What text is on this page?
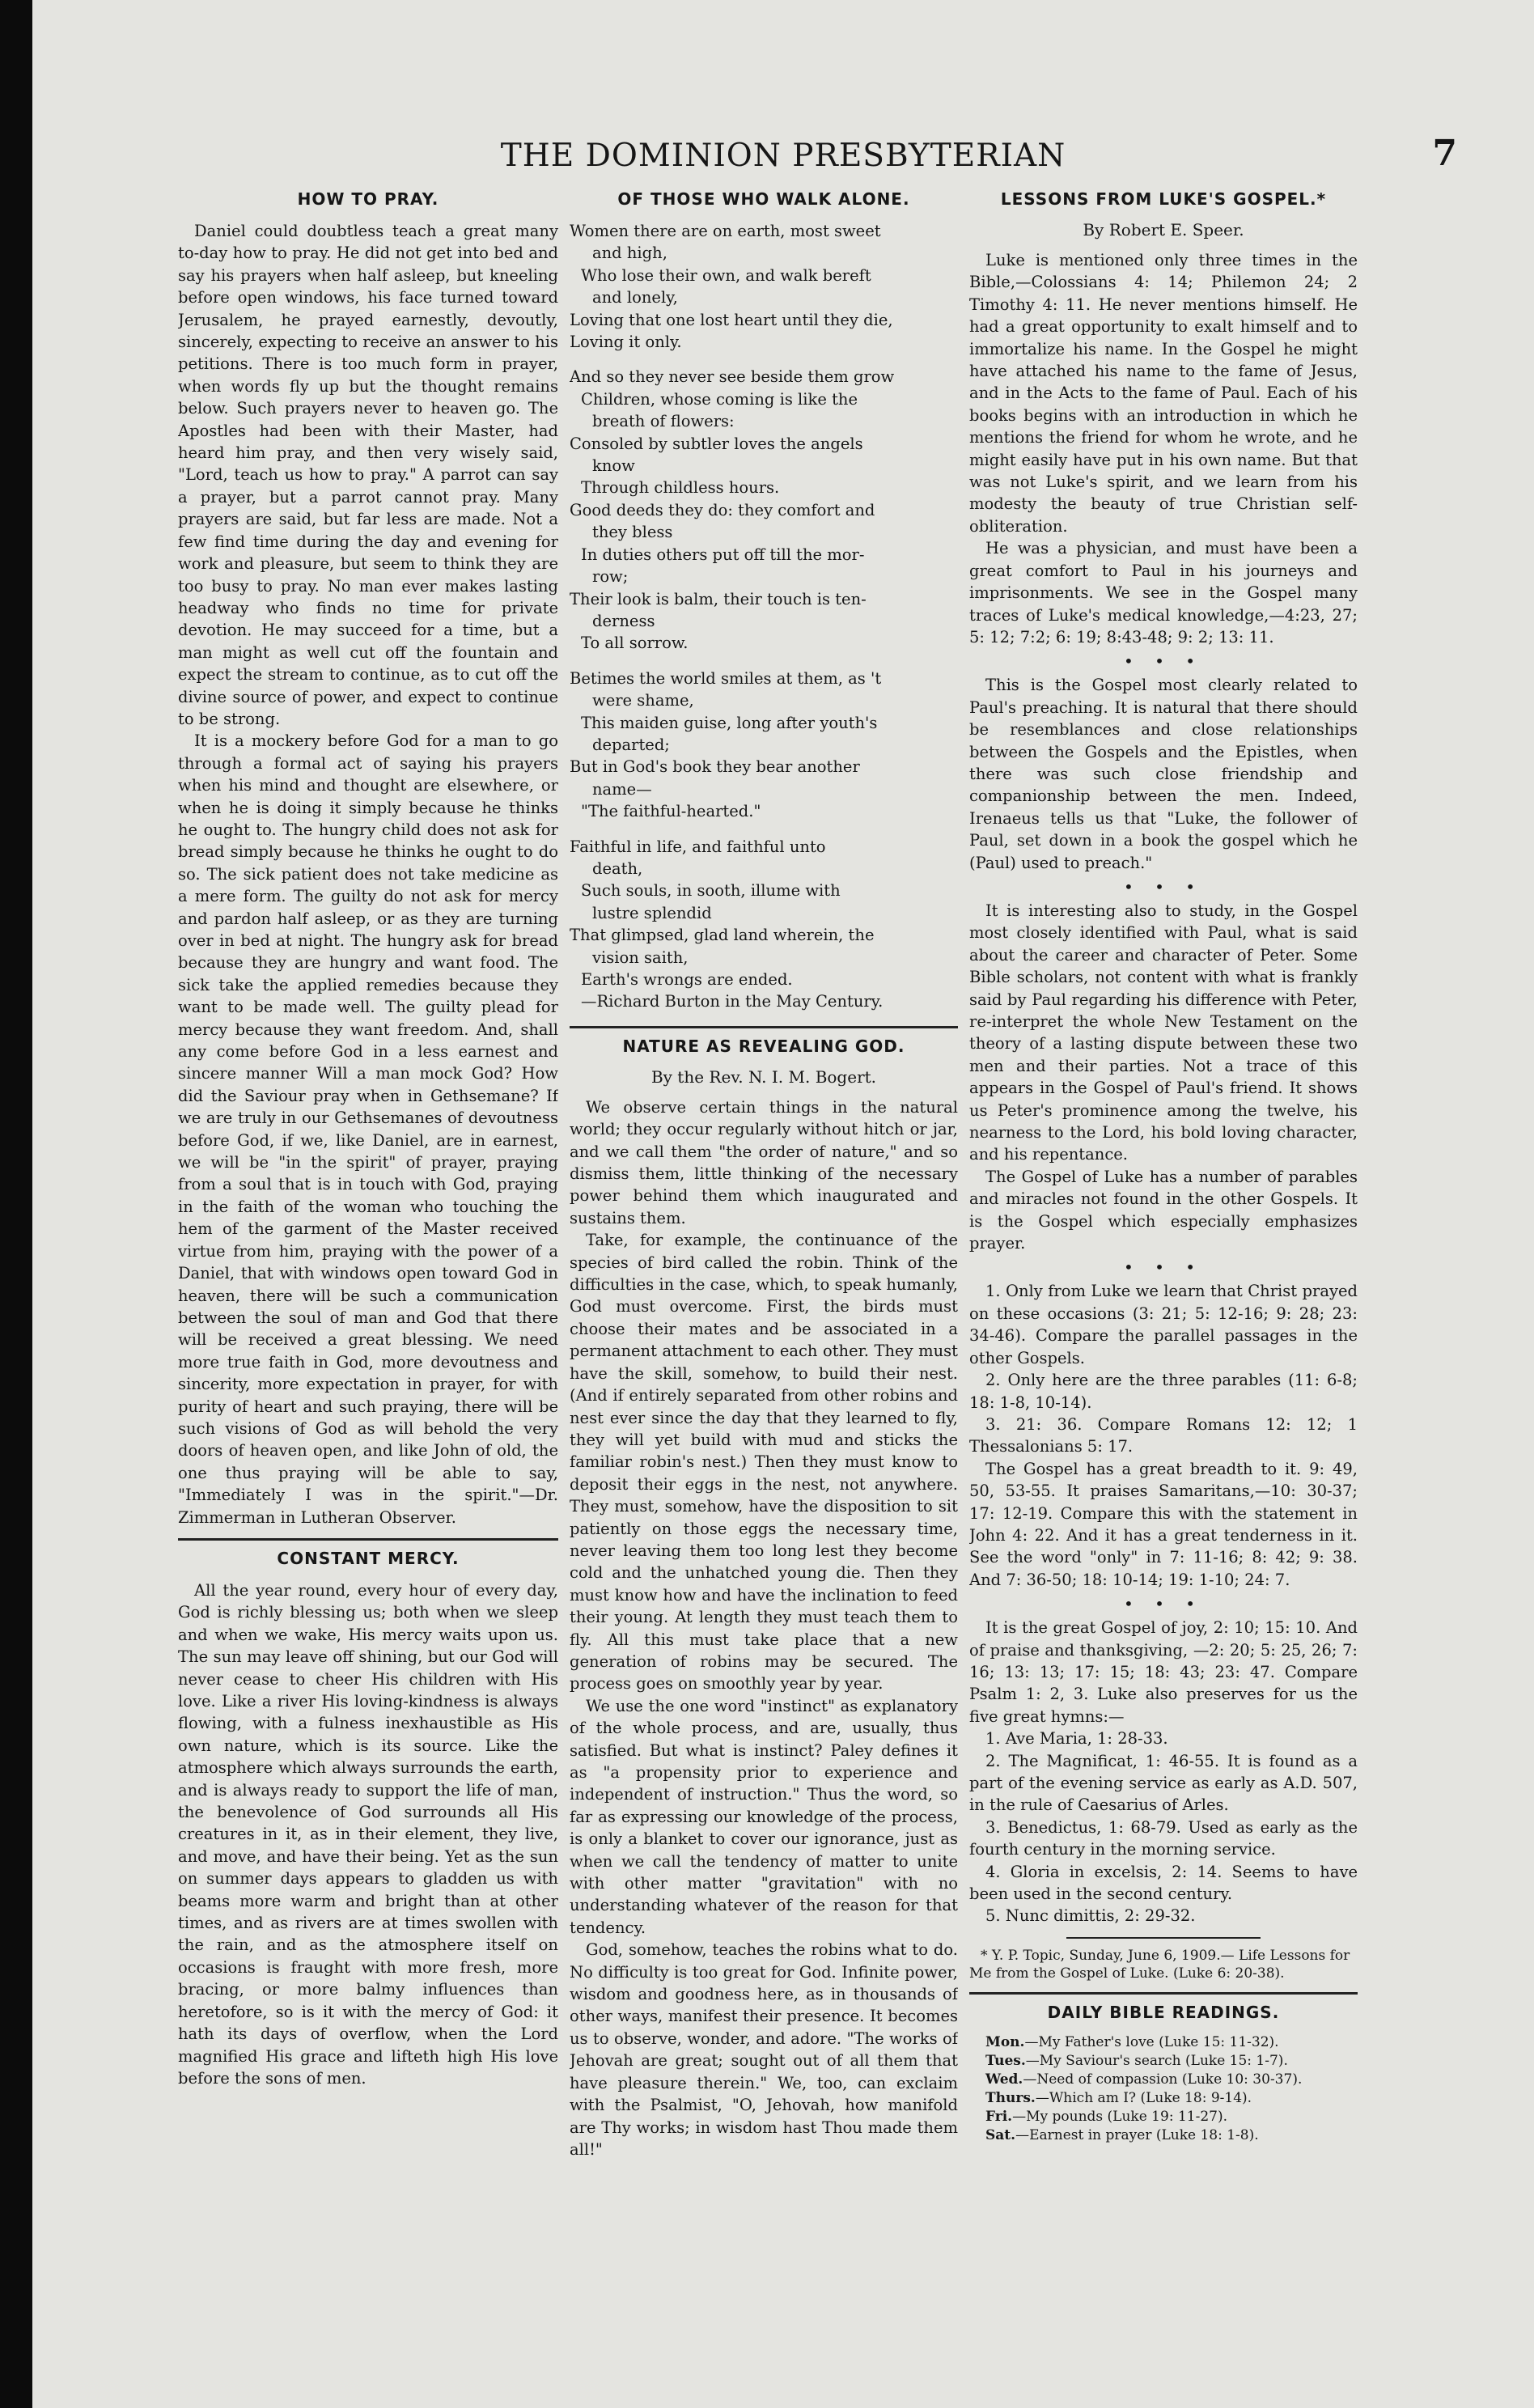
THE DOMINION PRESBYTERIAN	7
HOW TO PRAY.

Daniel could doubtless teach a great many to-day how to pray. He did not get into bed and say his prayers when half asleep, but kneeling before open windows, his face turned toward Jerusalem, he prayed earnestly, devoutly, sincerely, expecting to receive an answer to his petitions. There is too much form in prayer, when words fly up but the thought remains below. Such prayers never to heaven go. The Apostles had been with their Master, had heard him pray, and then very wisely said, "Lord, teach us how to pray." A parrot can say a prayer, but a parrot cannot pray. Many prayers are said, but far less are made. Not a few find time during the day and evening for work and pleasure, but seem to think they are too busy to pray. No man ever makes lasting headway who finds no time for private devotion. He may succeed for a time, but a man might as well cut off the fountain and expect the stream to continue, as to cut off the divine source of power, and expect to continue to be strong.

It is a mockery before God for a man to go through a formal act of saying his prayers when his mind and thought are elsewhere, or when he is doing it simply because he thinks he ought to. The hungry child does not ask for bread simply because he thinks he ought to do so. The sick patient does not take medicine as a mere form. The guilty do not ask for mercy and pardon half asleep, or as they are turning over in bed at night. The hungry ask for bread because they are hungry and want food. The sick take the applied remedies because they want to be made well. The guilty plead for mercy because they want freedom. And, shall any come before God in a less earnest and sincere manner Will a man mock God? How did the Saviour pray when in Gethsemane? If we are truly in our Gethsemanes of devoutness before God, if we, like Daniel, are in earnest, we will be "in the spirit" of prayer, praying from a soul that is in touch with God, praying in the faith of the woman who touching the hem of the garment of the Master received virtue from him, praying with the power of a Daniel, that with windows open toward God in heaven, there will be such a communication between the soul of man and God that there will be received a great blessing. We need more true faith in God, more devoutness and sincerity, more expectation in prayer, for with purity of heart and such praying, there will be such visions of God as will behold the very doors of heaven open, and like John of old, the one thus praying will be able to say, "Immediately I was in the spirit."—Dr. Zimmerman in Lutheran Observer.

CONSTANT MERCY.

All the year round, every hour of every day, God is richly blessing us; both when we sleep and when we wake, His mercy waits upon us. The sun may leave off shining, but our God will never cease to cheer His children with His love. Like a river His loving-kindness is always flowing, with a fulness inexhaustible as His own nature, which is its source. Like the atmosphere which always surrounds the earth, and is always ready to support the life of man, the benevolence of God surrounds all His creatures in it, as in their element, they live, and move, and have their being. Yet as the sun on summer days appears to gladden us with beams more warm and bright than at other times, and as rivers are at times swollen with the rain, and as the atmosphere itself on occasions is fraught with more fresh, more bracing, or more balmy influences than heretofore, so is it with the mercy of God: it hath its days of overflow, when the Lord magnified His grace and lifteth high His love before the sons of men.

OF THOSE WHO WALK ALONE.
Women there are on earth, most sweet
and high,
Who lose their own, and walk bereft
and lonely,
Loving that one lost heart until they die,
Loving it only.
And so they never see beside them grow
Children, whose coming is like the
breath of flowers:
Consoled by subtler loves the angels
know
Through childless hours.
Good deeds they do: they comfort and
they bless
In duties others put off till the mor-
row;
Their look is balm, their touch is ten-
derness
To all sorrow.
Betimes the world smiles at them, as 't
were shame,
This maiden guise, long after youth's
departed;
But in God's book they bear another
name—
"The faithful-hearted."
Faithful in life, and faithful unto
death,
Such souls, in sooth, illume with
lustre splendid
That glimpsed, glad land wherein, the
vision saith,
Earth's wrongs are ended.
—Richard Burton in the May Century.
NATURE AS REVEALING GOD.
By the Rev. N. I. M. Bogert.

We observe certain things in the natural world; they occur regularly without hitch or jar, and we call them "the order of nature," and so dismiss them, little thinking of the necessary power behind them which inaugurated and sustains them.

Take, for example, the continuance of the species of bird called the robin. Think of the difficulties in the case, which, to speak humanly, God must overcome. First, the birds must choose their mates and be associated in a permanent attachment to each other. They must have the skill, somehow, to build their nest. (And if entirely separated from other robins and nest ever since the day that they learned to fly, they will yet build with mud and sticks the familiar robin's nest.) Then they must know to deposit their eggs in the nest, not anywhere. They must, somehow, have the disposition to sit patiently on those eggs the necessary time, never leaving them too long lest they become cold and the unhatched young die. Then they must know how and have the inclination to feed their young. At length they must teach them to fly. All this must take place that a new generation of robins may be secured. The process goes on smoothly year by year.

We use the one word "instinct" as explanatory of the whole process, and are, usually, thus satisfied. But what is instinct? Paley defines it as "a propensity prior to experience and independent of instruction." Thus the word, so far as expressing our knowledge of the process, is only a blanket to cover our ignorance, just as when we call the tendency of matter to unite with other matter "gravitation" with no understanding whatever of the reason for that tendency.

God, somehow, teaches the robins what to do. No difficulty is too great for God. Infinite power, wisdom and goodness here, as in thousands of other ways, manifest their presence. It becomes us to observe, wonder, and adore. "The works of Jehovah are great; sought out of all them that have pleasure therein." We, too, can exclaim with the Psalmist, "O, Jehovah, how manifold are Thy works; in wisdom hast Thou made them all!"

LESSONS FROM LUKE'S GOSPEL.*
By Robert E. Speer.

Luke is mentioned only three times in the Bible,—Colossians 4: 14; Philemon 24; 2 Timothy 4: 11. He never mentions himself. He had a great opportunity to exalt himself and to immortalize his name. In the Gospel he might have attached his name to the fame of Jesus, and in the Acts to the fame of Paul. Each of his books begins with an introduction in which he mentions the friend for whom he wrote, and he might easily have put in his own name. But that was not Luke's spirit, and we learn from his modesty the beauty of true Christian self-obliteration.

He was a physician, and must have been a great comfort to Paul in his journeys and imprisonments. We see in the Gospel many traces of Luke's medical knowledge,—4:23, 27; 5: 12; 7:2; 6: 19; 8:43-48; 9: 2; 13: 11.

• • •

This is the Gospel most clearly related to Paul's preaching. It is natural that there should be resemblances and close relationships between the Gospels and the Epistles, when there was such close friendship and companionship between the men. Indeed, Irenaeus tells us that "Luke, the follower of Paul, set down in a book the gospel which he (Paul) used to preach."

• • •

It is interesting also to study, in the Gospel most closely identified with Paul, what is said about the career and character of Peter. Some Bible scholars, not content with what is frankly said by Paul regarding his difference with Peter, re-interpret the whole New Testament on the theory of a lasting dispute between these two men and their parties. Not a trace of this appears in the Gospel of Paul's friend. It shows us Peter's prominence among the twelve, his nearness to the Lord, his bold loving character, and his repentance.

The Gospel of Luke has a number of parables and miracles not found in the other Gospels. It is the Gospel which especially emphasizes prayer.

• • •

1. Only from Luke we learn that Christ prayed on these occasions (3: 21; 5: 12-16; 9: 28; 23: 34-46). Compare the parallel passages in the other Gospels.

2. Only here are the three parables (11: 6-8; 18: 1-8, 10-14).

3. 21: 36. Compare Romans 12: 12; 1 Thessalonians 5: 17.

The Gospel has a great breadth to it. 9: 49, 50, 53-55. It praises Samaritans,—10: 30-37; 17: 12-19. Compare this with the statement in John 4: 22. And it has a great tenderness in it. See the word "only" in 7: 11-16; 8: 42; 9: 38. And 7: 36-50; 18: 10-14; 19: 1-10; 24: 7.

• • •

It is the great Gospel of joy, 2: 10; 15: 10. And of praise and thanksgiving, —2: 20; 5: 25, 26; 7: 16; 13: 13; 17: 15; 18: 43; 23: 47. Compare Psalm 1: 2, 3. Luke also preserves for us the five great hymns:—

1. Ave Maria, 1: 28-33.

2. The Magnificat, 1: 46-55. It is found as a part of the evening service as early as A.D. 507, in the rule of Caesarius of Arles.

3. Benedictus, 1: 68-79. Used as early as the fourth century in the morning service.

4. Gloria in excelsis, 2: 14. Seems to have been used in the second century.

5. Nunc dimittis, 2: 29-32.

* Y. P. Topic, Sunday, June 6, 1909.— Life Lessons for Me from the Gospel of Luke. (Luke 6: 20-38).
DAILY BIBLE READINGS.
Mon.—My Father's love (Luke 15: 11-32).
Tues.—My Saviour's search (Luke 15: 1-7).
Wed.—Need of compassion (Luke 10: 30-37).
Thurs.—Which am I? (Luke 18: 9-14).
Fri.—My pounds (Luke 19: 11-27).
Sat.—Earnest in prayer (Luke 18: 1-8).
